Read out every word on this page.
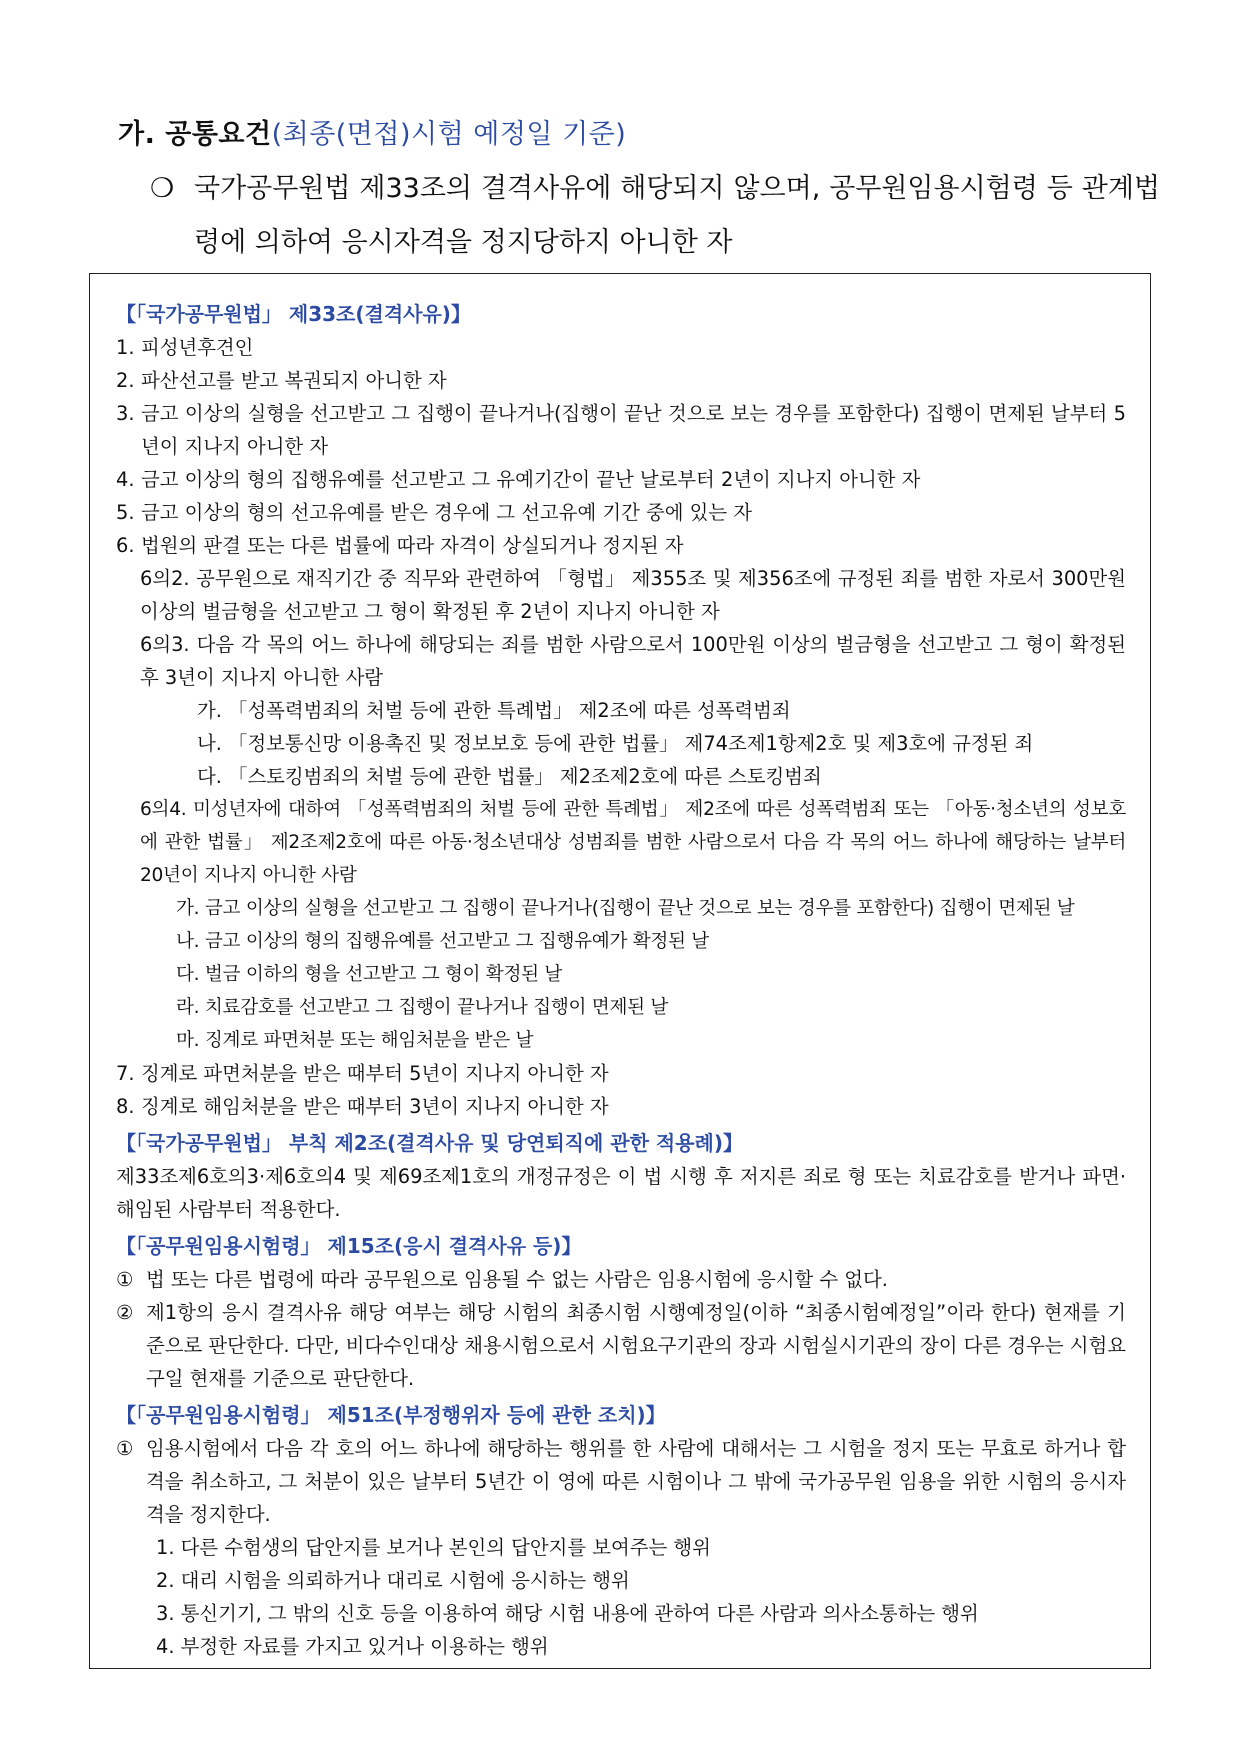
가. 공통요건(최종(면접)시험 예정일 기준)
❍ 국가공무원법 제33조의 결격사유에 해당되지 않으며, 공무원임용시험령 등 관계법령에 의하여 응시자격을 정지당하지 아니한 자
【「국가공무원법」 제33조(결격사유)】
1. 피성년후견인
2. 파산선고를 받고 복권되지 아니한 자
3. 금고 이상의 실형을 선고받고 그 집행이 끝나거나(집행이 끝난 것으로 보는 경우를 포함한다) 집행이 면제된 날부터 5년이 지나지 아니한 자
4. 금고 이상의 형의 집행유예를 선고받고 그 유예기간이 끝난 날로부터 2년이 지나지 아니한 자
5. 금고 이상의 형의 선고유예를 받은 경우에 그 선고유예 기간 중에 있는 자
6. 법원의 판결 또는 다른 법률에 따라 자격이 상실되거나 정지된 자
6의2. 공무원으로 재직기간 중 직무와 관련하여 「형법」 제355조 및 제356조에 규정된 죄를 범한 자로서 300만원 이상의 벌금형을 선고받고 그 형이 확정된 후 2년이 지나지 아니한 자
6의3. 다음 각 목의 어느 하나에 해당되는 죄를 범한 사람으로서 100만원 이상의 벌금형을 선고받고 그 형이 확정된 후 3년이 지나지 아니한 사람
가. 「성폭력범죄의 처벌 등에 관한 특례법」 제2조에 따른 성폭력범죄
나. 「정보통신망 이용촉진 및 정보보호 등에 관한 법률」 제74조제1항제2호 및 제3호에 규정된 죄
다. 「스토킹범죄의 처벌 등에 관한 법률」 제2조제2호에 따른 스토킹범죄
6의4. 미성년자에 대하여 「성폭력범죄의 처벌 등에 관한 특례법」 제2조에 따른 성폭력범죄 또는 「아동·청소년의 성보호에 관한 법률」 제2조제2호에 따른 아동·청소년대상 성범죄를 범한 사람으로서 다음 각 목의 어느 하나에 해당하는 날부터 20년이 지나지 아니한 사람
가. 금고 이상의 실형을 선고받고 그 집행이 끝나거나(집행이 끝난 것으로 보는 경우를 포함한다) 집행이 면제된 날
나. 금고 이상의 형의 집행유예를 선고받고 그 집행유예가 확정된 날
다. 벌금 이하의 형을 선고받고 그 형이 확정된 날
라. 치료감호를 선고받고 그 집행이 끝나거나 집행이 면제된 날
마. 징계로 파면처분 또는 해임처분을 받은 날
7. 징계로 파면처분을 받은 때부터 5년이 지나지 아니한 자
8. 징계로 해임처분을 받은 때부터 3년이 지나지 아니한 자
【「국가공무원법」 부칙 제2조(결격사유 및 당연퇴직에 관한 적용례)】
제33조제6호의3·제6호의4 및 제69조제1호의 개정규정은 이 법 시행 후 저지른 죄로 형 또는 치료감호를 받거나 파면·해임된 사람부터 적용한다.
【「공무원임용시험령」 제15조(응시 결격사유 등)】
① 법 또는 다른 법령에 따라 공무원으로 임용될 수 없는 사람은 임용시험에 응시할 수 없다.
② 제1항의 응시 결격사유 해당 여부는 해당 시험의 최종시험 시행예정일(이하 “최종시험예정일”이라 한다) 현재를 기준으로 판단한다. 다만, 비다수인대상 채용시험으로서 시험요구기관의 장과 시험실시기관의 장이 다른 경우는 시험요구일 현재를 기준으로 판단한다.
【「공무원임용시험령」 제51조(부정행위자 등에 관한 조치)】
① 임용시험에서 다음 각 호의 어느 하나에 해당하는 행위를 한 사람에 대해서는 그 시험을 정지 또는 무효로 하거나 합격을 취소하고, 그 처분이 있은 날부터 5년간 이 영에 따른 시험이나 그 밖에 국가공무원 임용을 위한 시험의 응시자격을 정지한다.
1. 다른 수험생의 답안지를 보거나 본인의 답안지를 보여주는 행위
2. 대리 시험을 의뢰하거나 대리로 시험에 응시하는 행위
3. 통신기기, 그 밖의 신호 등을 이용하여 해당 시험 내용에 관하여 다른 사람과 의사소통하는 행위
4. 부정한 자료를 가지고 있거나 이용하는 행위
